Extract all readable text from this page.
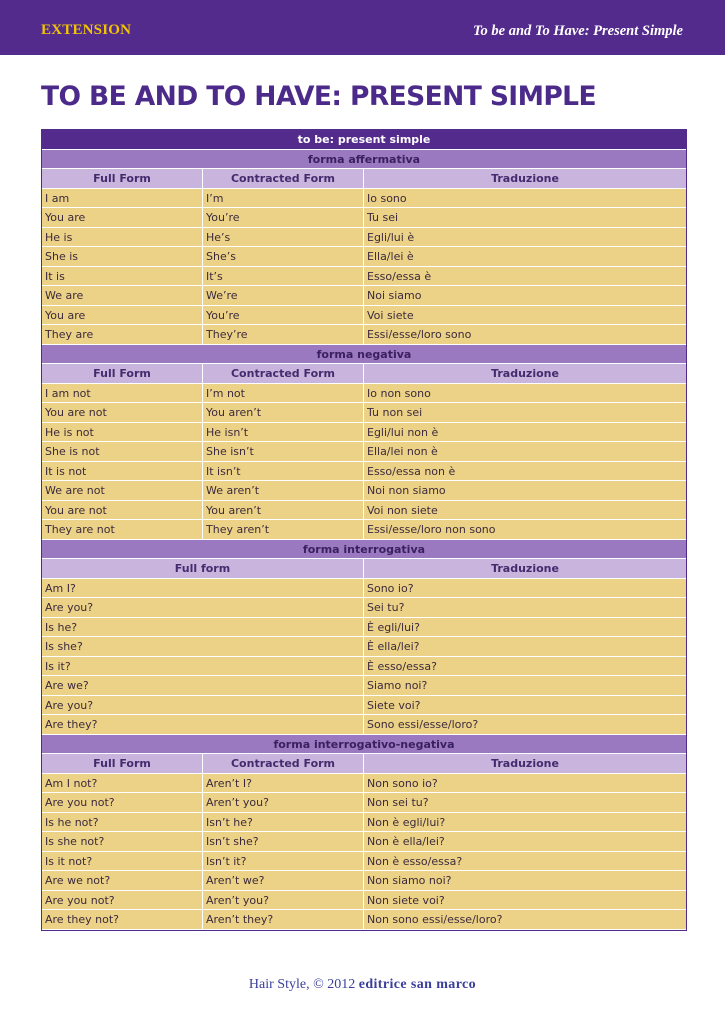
EXTENSION	To be and To Have: Present Simple
TO BE AND TO HAVE: PRESENT SIMPLE
to be: present simple
forma affermativa
Full Form	Contracted Form	Traduzione
I am	I’m	Io sono
You are	You’re	Tu sei
He is	He’s	Egli/lui è
She is	She’s	Ella/lei è
It is	It’s	Esso/essa è
We are	We’re	Noi siamo
You are	You’re	Voi siete
They are	They’re	Essi/esse/loro sono
forma negativa
Full Form	Contracted Form	Traduzione
I am not	I’m not	Io non sono
You are not	You aren’t	Tu non sei
He is not	He isn’t	Egli/lui non è
She is not	She isn’t	Ella/lei non è
It is not	It isn’t	Esso/essa non è
We are not	We aren’t	Noi non siamo
You are not	You aren’t	Voi non siete
They are not	They aren’t	Essi/esse/loro non sono
forma interrogativa
Full form	Traduzione
Am I?	Sono io?
Are you?	Sei tu?
Is he?	È egli/lui?
Is she?	È ella/lei?
Is it?	È esso/essa?
Are we?	Siamo noi?
Are you?	Siete voi?
Are they?	Sono essi/esse/loro?
forma interrogativo-negativa
Full Form	Contracted Form	Traduzione
Am I not?	Aren’t I?	Non sono io?
Are you not?	Aren’t you?	Non sei tu?
Is he not?	Isn’t he?	Non è egli/lui?
Is she not?	Isn’t she?	Non è ella/lei?
Is it not?	Isn’t it?	Non è esso/essa?
Are we not?	Aren’t we?	Non siamo noi?
Are you not?	Aren’t you?	Non siete voi?
Are they not?	Aren’t they?	Non sono essi/esse/loro?
Hair Style, © 2012 editrice san marco
